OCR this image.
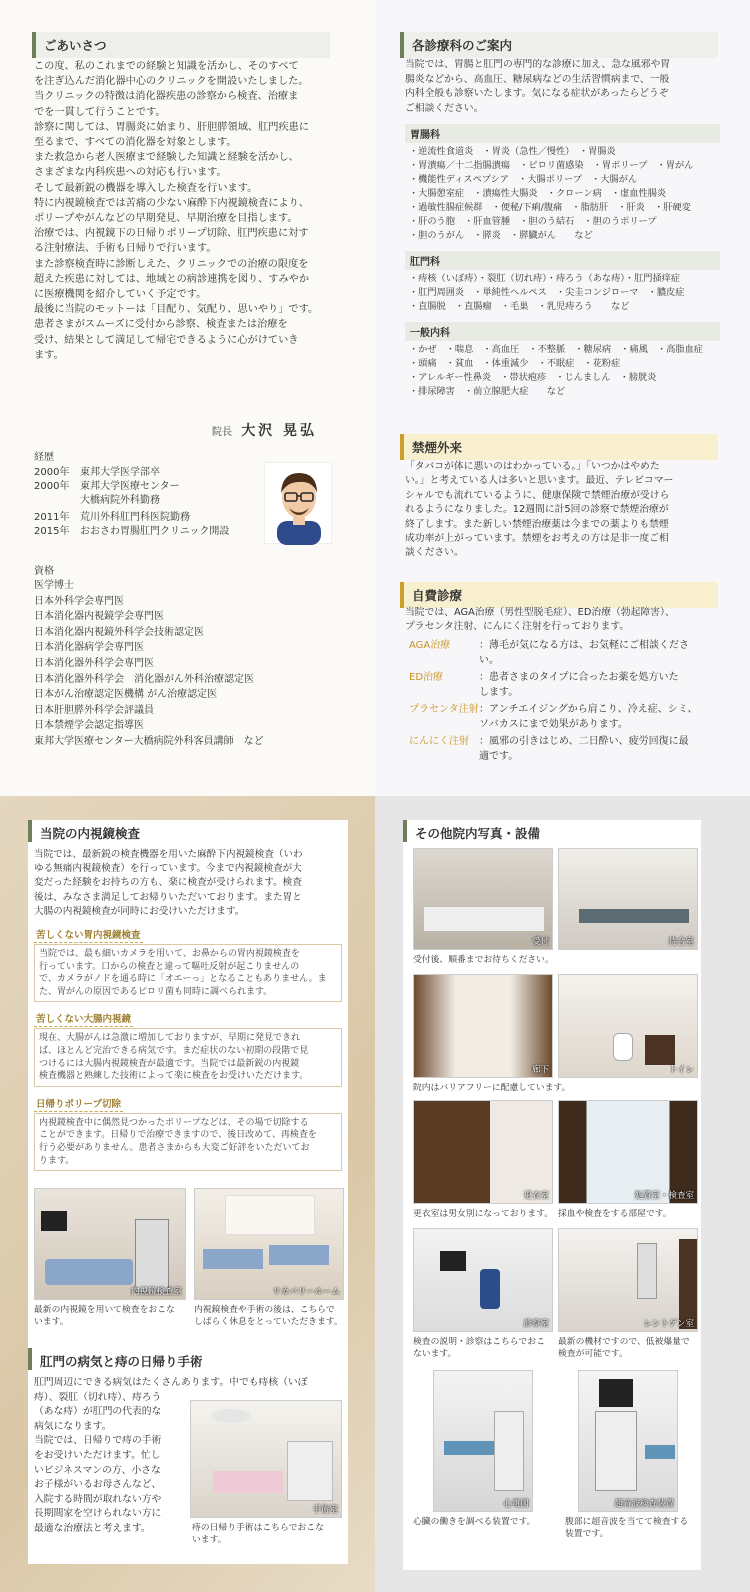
ごあいさつ
この度、私のこれまでの経験と知識を活かし、そのすべて
を注ぎ込んだ消化器中心のクリニックを開設いたしました。
当クリニックの特徴は消化器疾患の診察から検査、治療ま
でを一貫して行うことです。
診察に関しては、胃腸炎に始まり、肝胆膵領域、肛門疾患に
至るまで、すべての消化器を対象とします。
また救急から老人医療まで経験した知識と経験を活かし、
さまざまな内科疾患への対応も行います。
そして最新鋭の機器を導入した検査を行います。
特に内視鏡検査では苦痛の少ない麻酔下内視鏡検査により、
ポリープやがんなどの早期発見、早期治療を目指します。
治療では、内視鏡下の日帰りポリープ切除、肛門疾患に対す
る注射療法、手術も日帰りで行います。
また診察検査時に診断しえた、クリニックでの治療の限度を
超えた疾患に対しては、地域との病診連携を図り、すみやか
に医療機関を紹介していく予定です。
最後に当院のモットーは「目配り、気配り、思いやり」です。
患者さまがスムーズに受付から診察、検査または治療を
受け、結果として満足して帰宅できるように心がけていき
ます。
院長 大沢 晃弘
経歴
2000年	東邦大学医学部卒
2000年	東邦大学医療センター
大橋病院外科勤務
2011年	荒川外科肛門科医院勤務
2015年	おおさわ胃腸肛門クリニック開設
資格
医学博士
日本外科学会専門医
日本消化器内視鏡学会専門医
日本消化器内視鏡外科学会技術認定医
日本消化器病学会専門医
日本消化器外科学会専門医
日本消化器外科学会　消化器がん外科治療認定医
日本がん治療認定医機構 がん治療認定医
日本肝胆膵外科学会評議員
日本禁煙学会認定指導医
東邦大学医療センター大橋病院外科客員講師　など
各診療科のご案内
当院では、胃腸と肛門の専門的な診療に加え、急な風邪や胃
腸炎などから、高血圧、糖尿病などの生活習慣病まで、一般
内科全般も診察いたします。気になる症状があったらどうぞ
ご相談ください。
胃腸科
・逆流性食道炎　・胃炎（急性／慢性）　・胃腸炎
・胃潰瘍／十二指腸潰瘍　・ピロリ菌感染　・胃ポリープ　・胃がん
・機能性ディスペプシア　・大腸ポリープ　・大腸がん
・大腸憩室症　・潰瘍性大腸炎　・クローン病　・虚血性腸炎
・過敏性腸症候群　・便秘/下痢/腹痛　・脂肪肝　・肝炎　・肝硬変
・肝のう胞　・肝血管腫　・胆のう結石　・胆のうポリープ
・胆のうがん　・膵炎　・膵臓がん　　など
肛門科
・痔核（いぼ痔）・裂肛（切れ痔）・痔ろう（あな痔）・肛門掻痒症
・肛門周囲炎　・単純性ヘルペス　・尖圭コンジローマ　・膿皮症
・直腸脱　・直腸瘤　・毛巣　・乳児痔ろう　　など
一般内科
・かぜ　・喘息　・高血圧　・不整脈　・糖尿病　・痛風　・高脂血症
・頭痛　・貧血　・体重減少　・不眠症　・花粉症
・アレルギー性鼻炎　・帯状疱疹　・じんましん　・膀胱炎
・排尿障害　・前立腺肥大症　　など
禁煙外来
「タバコが体に悪いのはわかっている。」「いつかはやめた
い。」と考えている人は多いと思います。最近、テレビコマー
シャルでも流れているように、健康保険で禁煙治療が受けら
れるようになりました。12週間に計5回の診察で禁煙治療が
終了します。また新しい禁煙治療薬は今までの薬よりも禁煙
成功率が上がっています。禁煙をお考えの方は是非一度ご相
談ください。
自費診療
当院では、AGA治療（男性型脱毛症）、ED治療（勃起障害）、
プラセンタ注射、にんにく注射を行っております。
AGA治療	：薄毛が気になる方は、お気軽にご相談くださ
い。
ED治療	：患者さまのタイプに合ったお薬を処方いた
します。
プラセンタ注射 ：アンチエイジングから肩こり、冷え症、シミ、
ソバカスにまで効果があります。
にんにく注射	：風邪の引きはじめ、二日酔い、疲労回復に最
適です。
当院の内視鏡検査
当院では、最新鋭の検査機器を用いた麻酔下内視鏡検査（いわ
ゆる無痛内視鏡検査）を行っています。今まで内視鏡検査が大
変だった経験をお持ちの方も、楽に検査が受けられます。検査
後は、みなさま満足してお帰りいただいております。また胃と
大腸の内視鏡検査が同時にお受けいただけます。
苦しくない胃内視鏡検査
当院では、最も細いカメラを用いて、お鼻からの胃内視鏡検査を
行っています。口からの検査と違って嘔吐反射が起こりませんの
で、カメラがノドを通る時に「オエーっ」となることもありません。ま
た、胃がんの原因であるピロリ菌も同時に調べられます。
苦しくない大腸内視鏡
現在、大腸がんは急激に増加しておりますが、早期に発見できれ
ば、ほとんど完治できる病気です。まだ症状のない初期の段階で見
つけるには大腸内視鏡検査が最適です。当院では最新鋭の内視鏡
検査機器と熟練した技術によって楽に検査をお受けいただけます。
日帰りポリープ切除
内視鏡検査中に偶然見つかったポリープなどは、その場で切除する
ことができます。日帰りで治療できますので、後日改めて、再検査を
行う必要がありません。患者さまからも大変ご好評をいただいてお
ります。
内視鏡検査室	リカバリールーム
最新の内視鏡を用いて検査をおこな
います。
内視鏡検査や手術の後は、こちらで
しばらく休息をとっていただきます。
肛門の病気と痔の日帰り手術
肛門周辺にできる病気はたくさんあります。中でも痔核（いぼ
痔）、裂肛（切れ痔）、痔ろう
（あな痔）が肛門の代表的な
病気になります。
当院では、日帰りで痔の手術
をお受けいただけます。忙し
いビジネスマンの方、小さな
お子様がいるお母さんなど、
入院する時間が取れない方や
長期間家を空けられない方に
最適な治療法と考えます。
手術室
痔の日帰り手術はこちらでおこな
います。
その他院内写真・設備
受付	待合室
受付後、順番までお待ちください。
廊下	トイレ
院内はバリアフリーに配慮しています。
更衣室	処置室・検査室
更衣室は男女別になっております。 採血や検査をする部屋です。
診察室	レントゲン室
検査の説明・診察はこちらでおこ
ないます。
最新の機材ですので、低被爆量で
検査が可能です。
心電図	超音波検査装置
心臓の働きを調べる装置です。	腹部に超音波を当てて検査する
装置です。
